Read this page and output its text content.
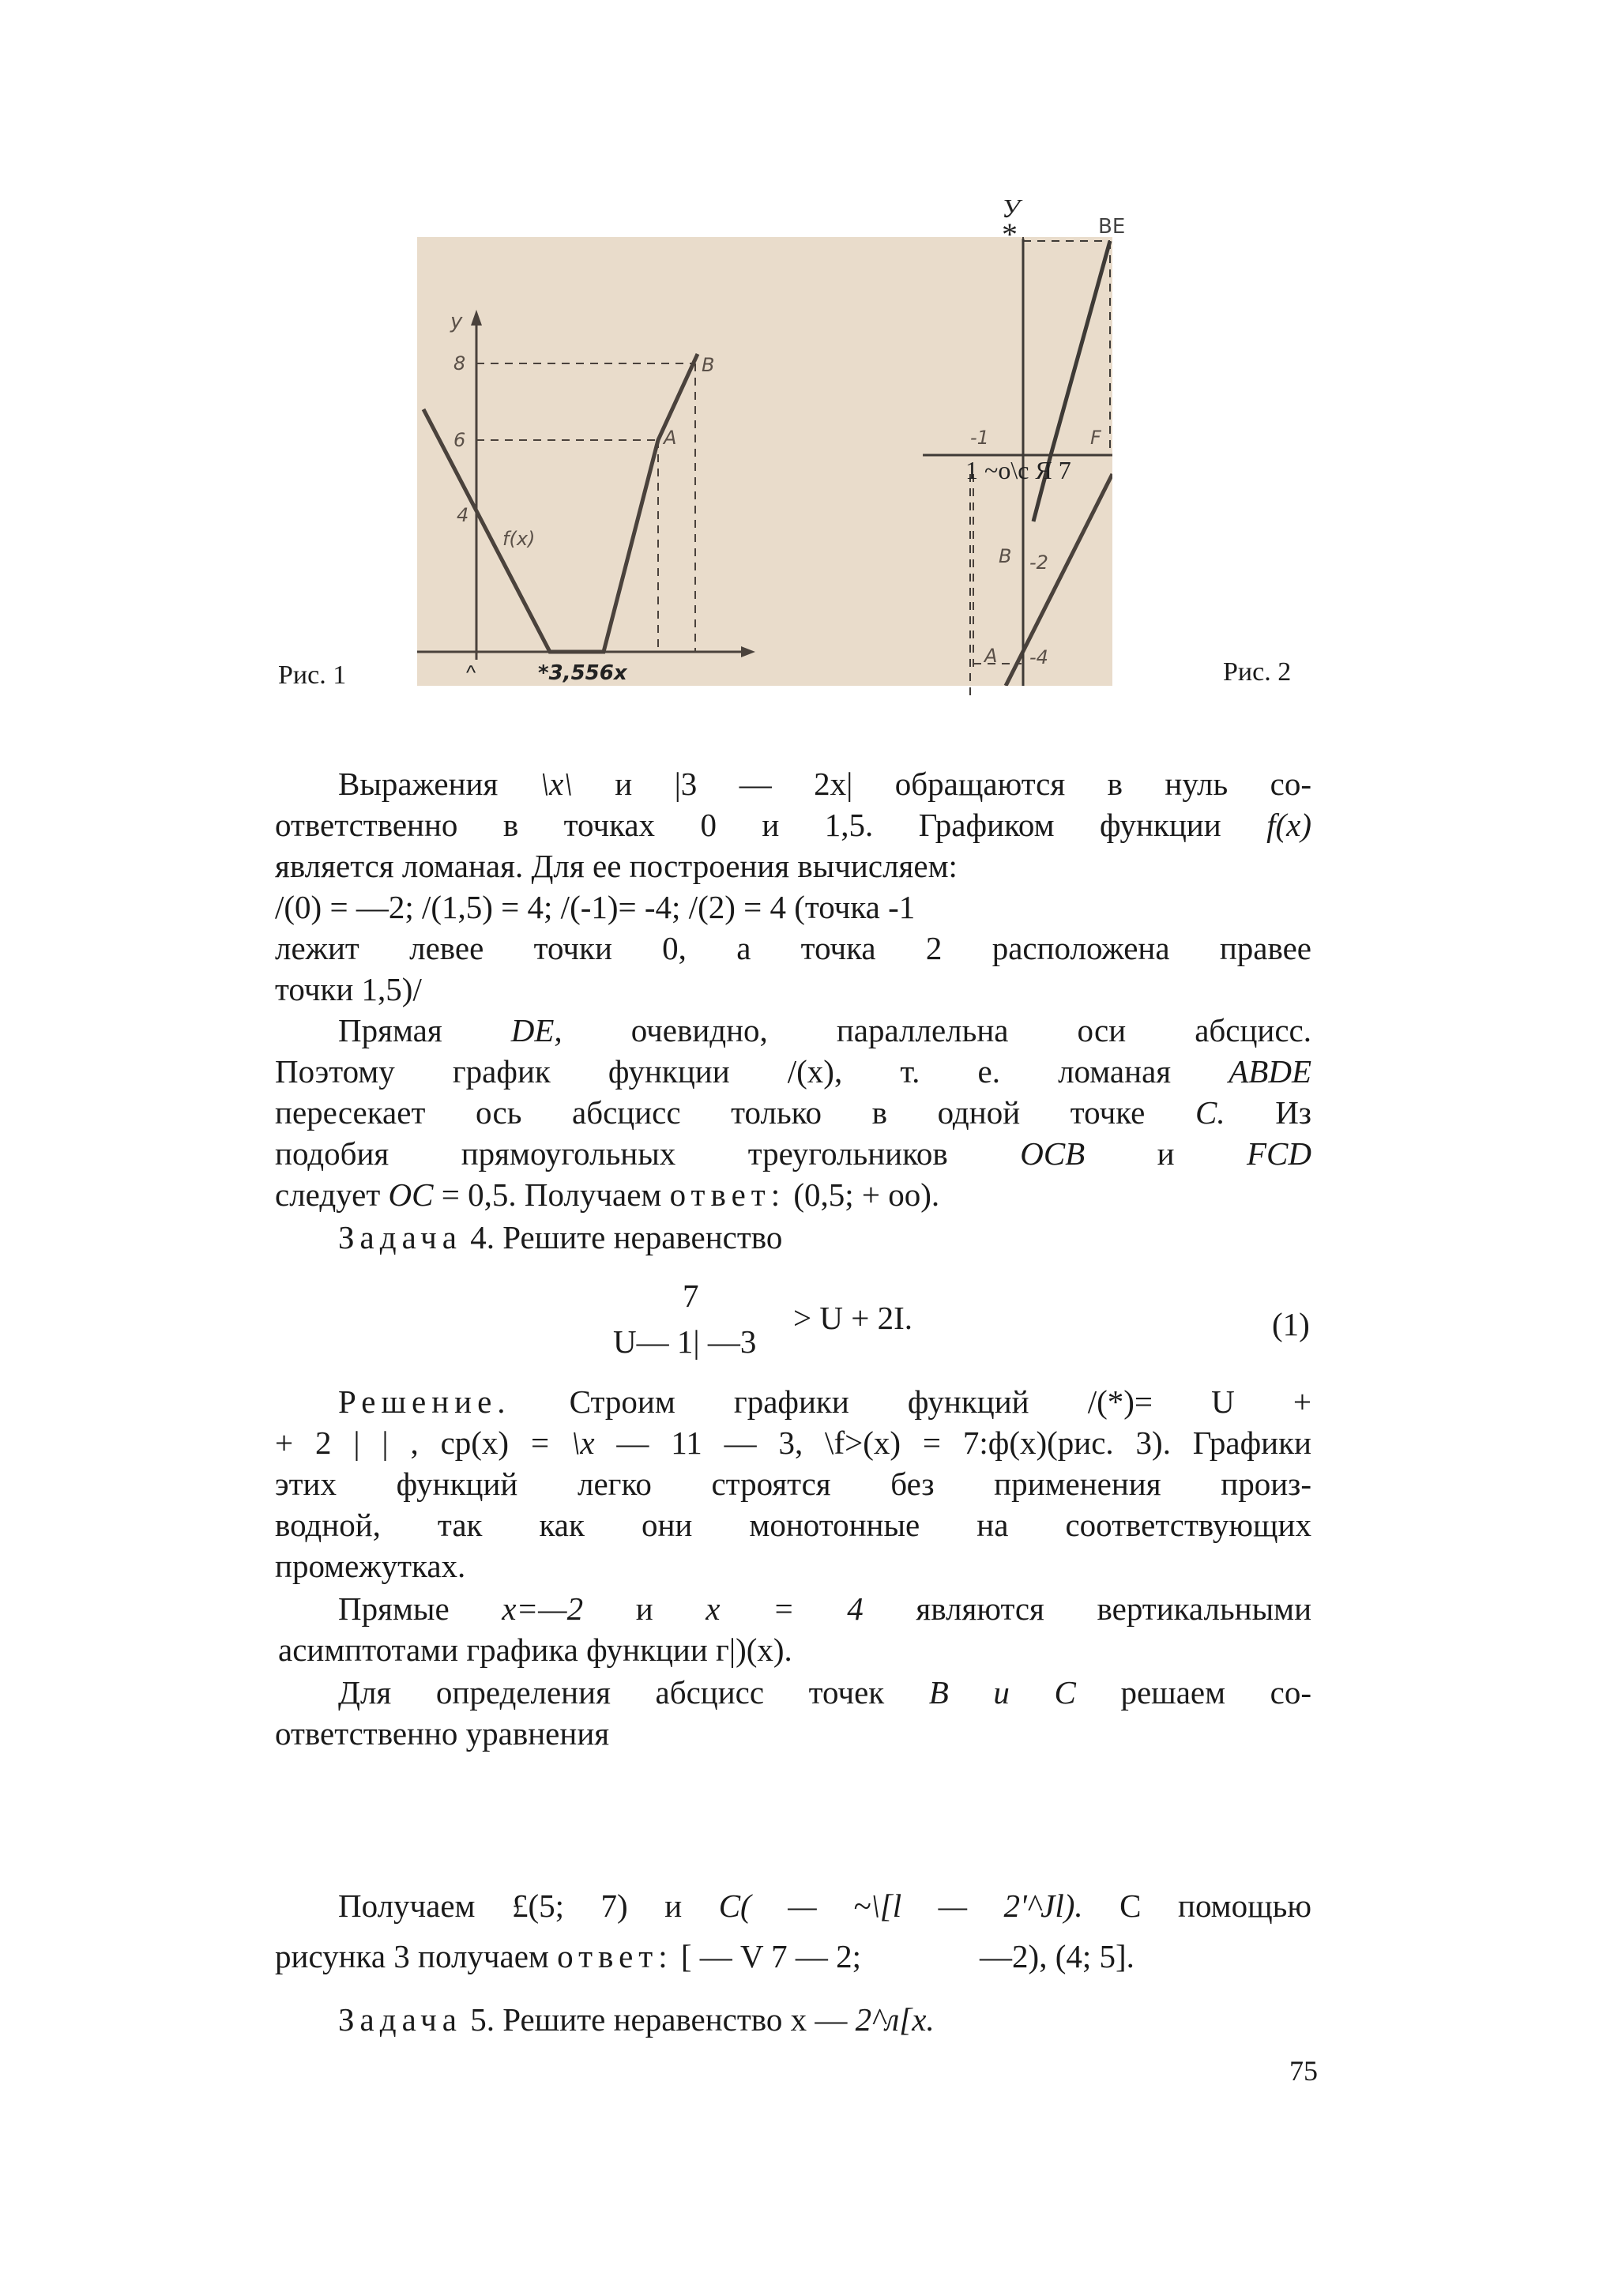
Рис. 1	Рис. 2
y
8
6
4
f(x)
A
B
^	*3,556x
-1
B -2
A -4
У
*	BE
F
1 ~o\c Я 7
Выражения \x\ и |3 — 2x| обращаются в нуль со-
ответственно в точках 0 и 1,5. Графиком функции f(x)
является ломаная. Для ее построения вычисляем:
/(0) = —2; /(1,5) = 4; /(-1)= -4; /(2) = 4 (точка -1
лежит левее точки 0, а точка 2 расположена правее
точки 1,5)/
Прямая DE, очевидно, параллельна оси абсцисс.
Поэтому график функции /(x), т. е. ломаная ABDE
пересекает ось абсцисс только в одной точке C. Из
подобия прямоугольных треугольников OCB и FCD
следует OC = 0,5. Получаем ответ: (0,5; + оо).
Задача 4. Решите неравенство
7
U— 1| —3
> U + 2I.	(1)
Решение. Строим графики функций /(*)= U +
+ 2 | | , cp(x) = \x — 11 — 3, \f>(x) = 7:ф(x)(рис. 3). Графики
этих функций легко строятся без применения произ-
водной, так как они монотонные на соответствующих
промежутках.
Прямые x=—2 и x = 4 являются вертикальными
асимптотами графика функции г|)(x).
Для определения абсцисс точек B и C решаем со-
ответственно уравнения
Получаем £(5; 7) и C( — ~\[l — 2'^Jl). С помощью
рисунка 3 получаем ответ: [ — V 7 — 2;	—2), (4; 5].
Задача 5. Решите неравенство x — 2^л[x.
75
